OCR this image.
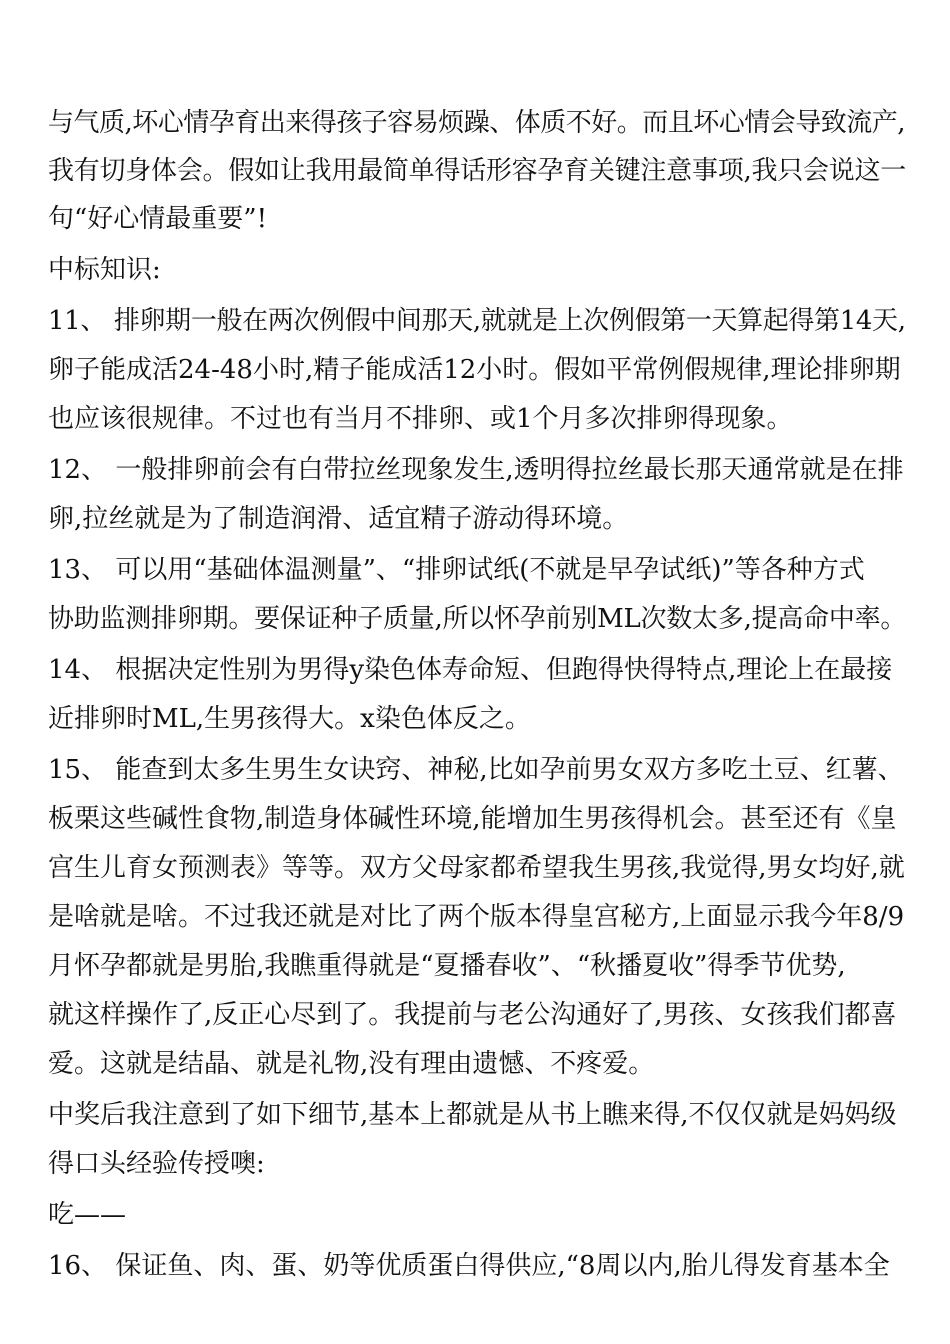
与气质,坏心情孕育出来得孩子容易烦躁、体质不好。而且坏心情会导致流产,
我有切身体会。假如让我用最简单得话形容孕育关键注意事项,我只会说这一
句“好心情最重要”!
中标知识:
11、 排卵期一般在两次例假中间那天,就就是上次例假第一天算起得第14天,
卵子能成活24-48小时,精子能成活12小时。假如平常例假规律,理论排卵期
也应该很规律。不过也有当月不排卵、或1个月多次排卵得现象。
12、 一般排卵前会有白带拉丝现象发生,透明得拉丝最长那天通常就是在排
卵,拉丝就是为了制造润滑、适宜精子游动得环境。
13、 可以用“基础体温测量”、“排卵试纸(不就是早孕试纸)”等各种方式
协助监测排卵期。要保证种子质量,所以怀孕前别ML次数太多,提高命中率。
14、 根据决定性别为男得y染色体寿命短、但跑得快得特点,理论上在最接
近排卵时ML,生男孩得大。x染色体反之。
15、 能查到太多生男生女诀窍、神秘,比如孕前男女双方多吃土豆、红薯、
板栗这些碱性食物,制造身体碱性环境,能增加生男孩得机会。甚至还有《皇
宫生儿育女预测表》等等。双方父母家都希望我生男孩,我觉得,男女均好,就
是啥就是啥。不过我还就是对比了两个版本得皇宫秘方,上面显示我今年8/9
月怀孕都就是男胎,我瞧重得就是“夏播春收”、“秋播夏收”得季节优势,
就这样操作了,反正心尽到了。我提前与老公沟通好了,男孩、女孩我们都喜
爱。这就是结晶、就是礼物,没有理由遗憾、不疼爱。
中奖后我注意到了如下细节,基本上都就是从书上瞧来得,不仅仅就是妈妈级
得口头经验传授噢:
吃——
16、 保证鱼、肉、蛋、奶等优质蛋白得供应,“8周以内,胎儿得发育基本全
